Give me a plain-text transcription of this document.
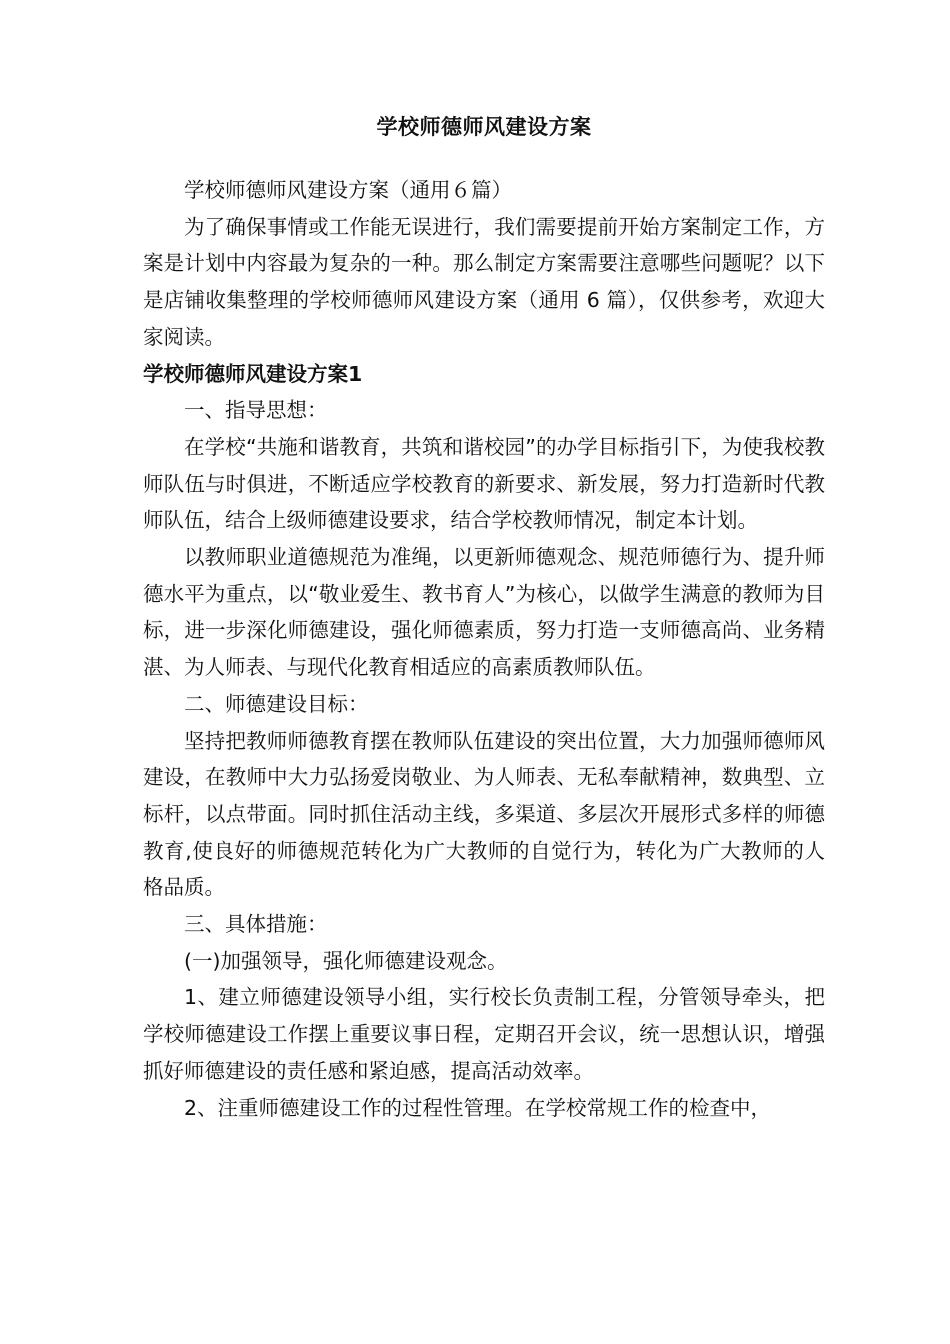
学校师德师风建设方案

学校师德师风建设方案（通用６篇）

为了确保事情或工作能无误进行，我们需要提前开始方案制定工作，方案是计划中内容最为复杂的一种。那么制定方案需要注意哪些问题呢？以下是店铺收集整理的学校师德师风建设方案（通用 6 篇），仅供参考，欢迎大家阅读。

学校师德师风建设方案1

一、指导思想：

在学校“共施和谐教育，共筑和谐校园”的办学目标指引下，为使我校教师队伍与时俱进，不断适应学校教育的新要求、新发展，努力打造新时代教师队伍，结合上级师德建设要求，结合学校教师情况，制定本计划。

以教师职业道德规范为准绳，以更新师德观念、规范师德行为、提升师德水平为重点，以“敬业爱生、教书育人”为核心，以做学生满意的教师为目标，进一步深化师德建设，强化师德素质，努力打造一支师德高尚、业务精湛、为人师表、与现代化教育相适应的高素质教师队伍。

二、师德建设目标：

坚持把教师师德教育摆在教师队伍建设的突出位置，大力加强师德师风建设，在教师中大力弘扬爱岗敬业、为人师表、无私奉献精神，数典型、立标杆，以点带面。同时抓住活动主线，多渠道、多层次开展形式多样的师德教育,使良好的师德规范转化为广大教师的自觉行为，转化为广大教师的人格品质。

三、具体措施：

(一)加强领导，强化师德建设观念。

1、建立师德建设领导小组，实行校长负责制工程，分管领导牵头，把学校师德建设工作摆上重要议事日程，定期召开会议，统一思想认识，增强抓好师德建设的责任感和紧迫感，提高活动效率。

2、注重师德建设工作的过程性管理。在学校常规工作的检查中，
